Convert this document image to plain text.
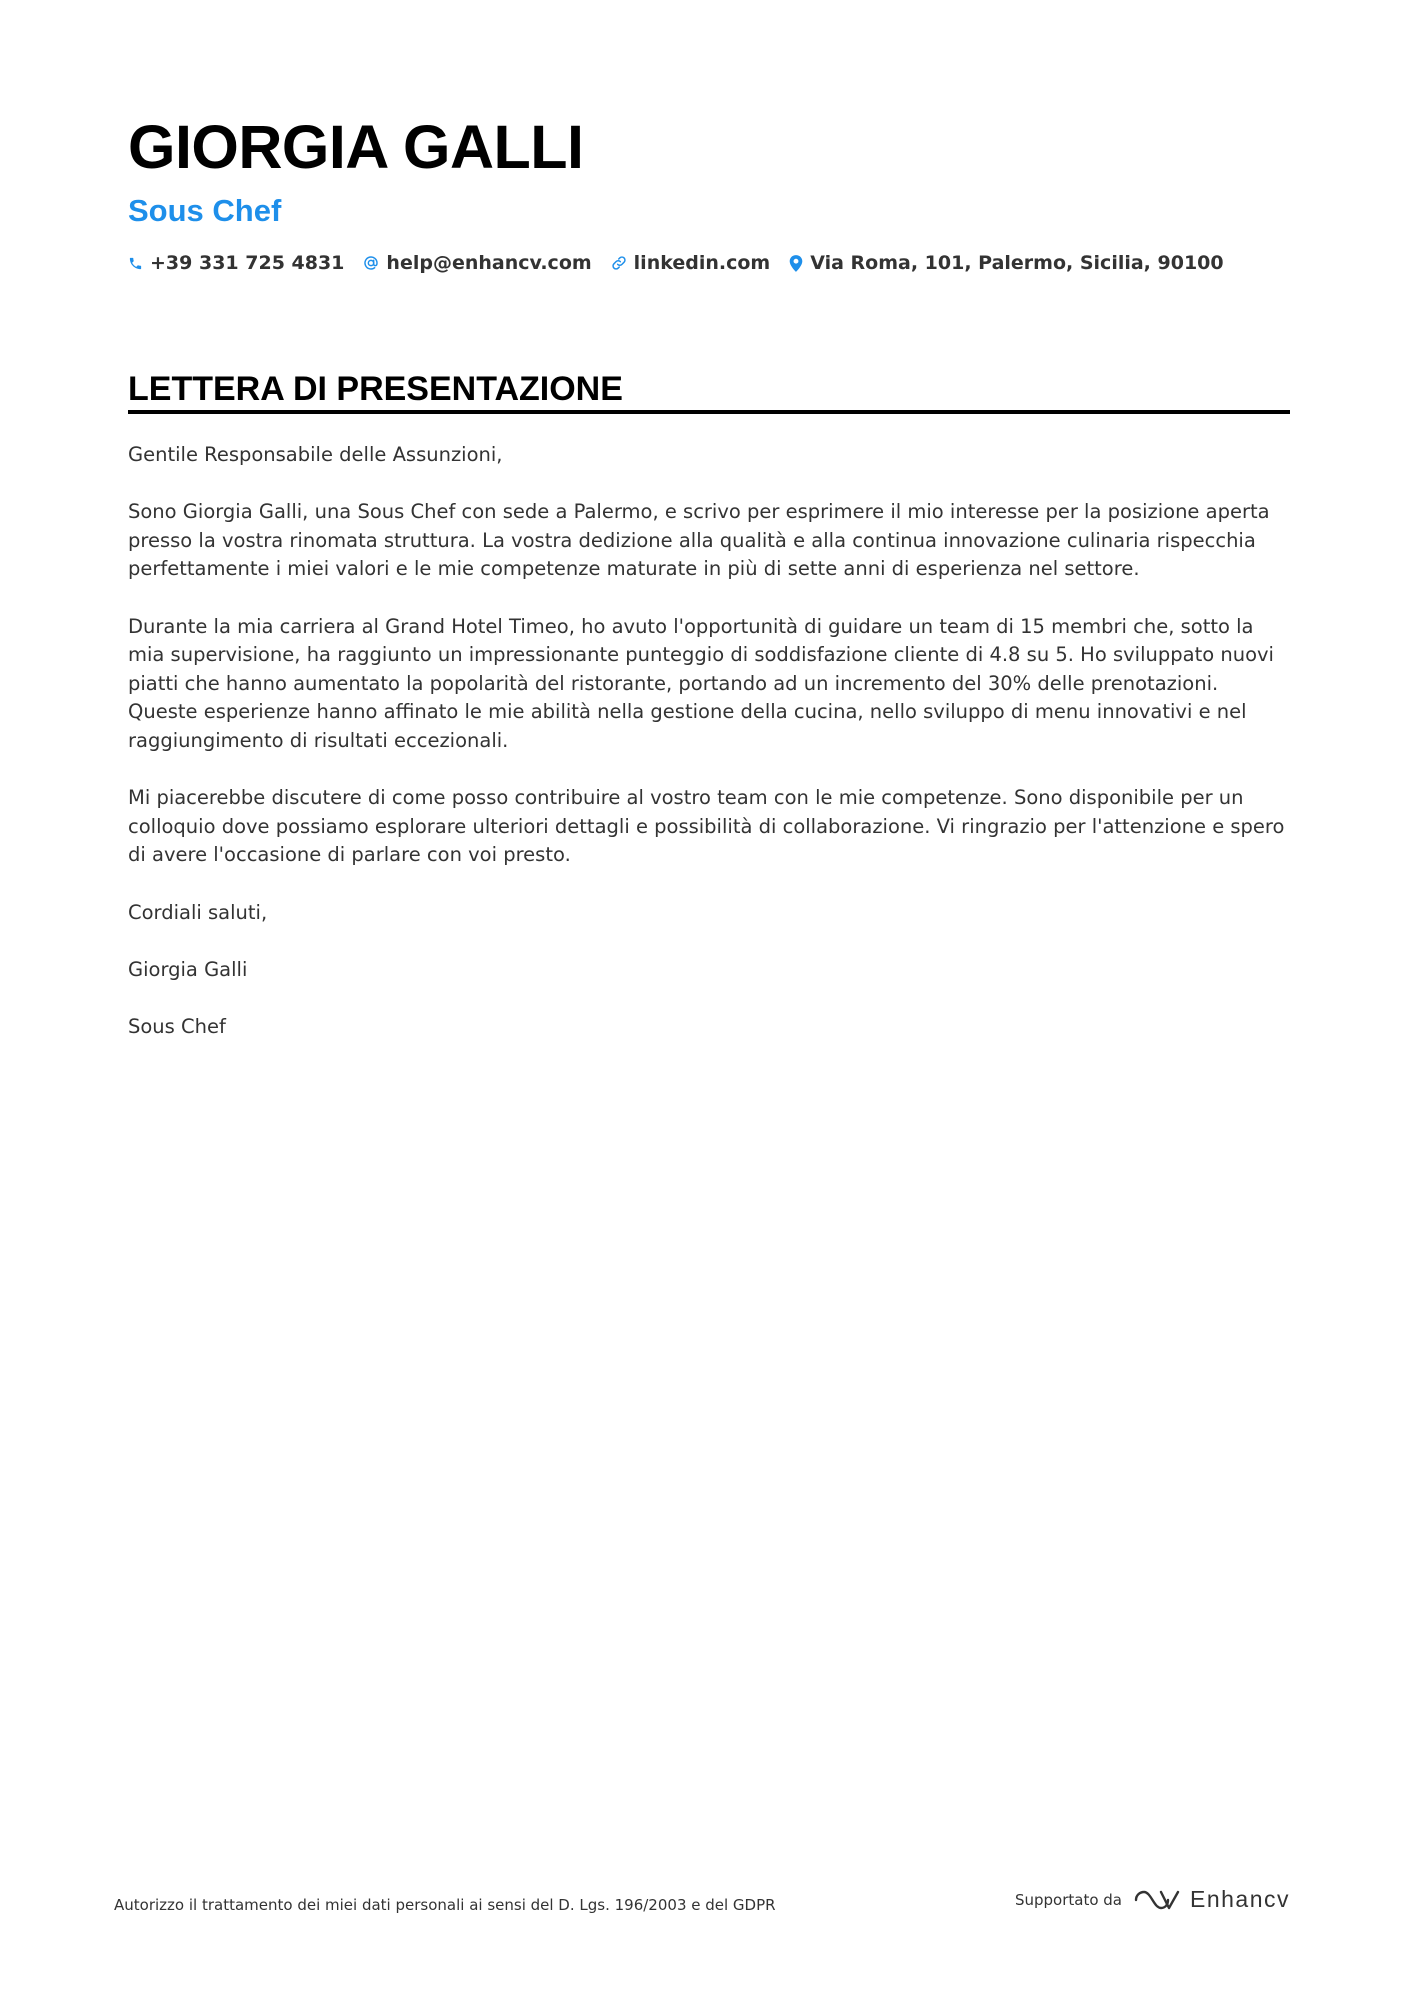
GIORGIA GALLI
Sous Chef
+39 331 725 4831 help@enhancv.com linkedin.com Via Roma, 101, Palermo, Sicilia, 90100
LETTERA DI PRESENTAZIONE

Gentile Responsabile delle Assunzioni,

Sono Giorgia Galli, una Sous Chef con sede a Palermo, e scrivo per esprimere il mio interesse per la posizione aperta presso la vostra rinomata struttura. La vostra dedizione alla qualità e alla continua innovazione culinaria rispecchia perfettamente i miei valori e le mie competenze maturate in più di sette anni di esperienza nel settore.

Durante la mia carriera al Grand Hotel Timeo, ho avuto l'opportunità di guidare un team di 15 membri che, sotto la mia supervisione, ha raggiunto un impressionante punteggio di soddisfazione cliente di 4.8 su 5. Ho sviluppato nuovi piatti che hanno aumentato la popolarità del ristorante, portando ad un incremento del 30% delle prenotazioni. Queste esperienze hanno affinato le mie abilità nella gestione della cucina, nello sviluppo di menu innovativi e nel raggiungimento di risultati eccezionali.

Mi piacerebbe discutere di come posso contribuire al vostro team con le mie competenze. Sono disponibile per un colloquio dove possiamo esplorare ulteriori dettagli e possibilità di collaborazione. Vi ringrazio per l'attenzione e spero di avere l'occasione di parlare con voi presto.

Cordiali saluti,

Giorgia Galli

Sous Chef

Autorizzo il trattamento dei miei dati personali ai sensi del D. Lgs. 196/2003 e del GDPR	Supportato da	Enhancv
